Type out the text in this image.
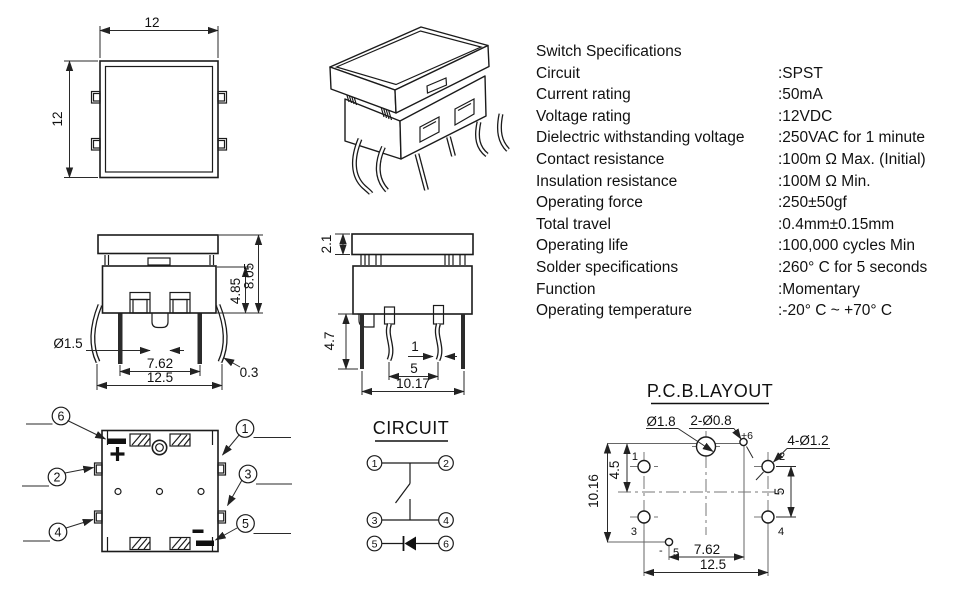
12
12
4.85
8.05
Ø1.5
7.62
12.5	0.3
2.1
4.7	1
5
10.17
6
1
2	3
4
5
CIRCUIT
1	2
3	4
5	6
P.C.B.LAYOUT
1	2
3	4
5
-
+6
Ø1.8 2-Ø0.8
4-Ø1.2
10.16
4.5
5
7.62
12.5
Switch Specifications
Circuit	:SPST
Current rating	:50mA
Voltage rating	:12VDC
Dielectric withstanding voltage	:250VAC for 1 minute
Contact resistance	:100m Ω Max. (Initial)
Insulation resistance	:100M Ω Min.
Operating force	:250±50gf
Total travel	:0.4mm±0.15mm
Operating life	:100,000 cycles Min
Solder specifications	:260° C for 5 seconds
Function	:Momentary
Operating temperature	:-20° C ~ +70° C
